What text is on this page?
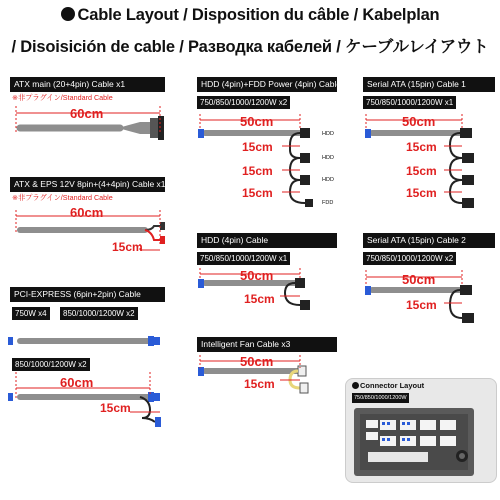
Cable Layout / Disposition du câble / Kabelplan
/ Disoisición de cable / Разводка кабелей / ケーブルレイアウト
ATX main (20+4pin) Cable x1
※非プラグイン/Standard Cable
60cm
ATX & EPS 12V 8pin+(4+4pin) Cable x1
※非プラグイン/Standard Cable
60cm
15cm
PCI-EXPRESS (6pin+2pin) Cable
750W x4	850/1000/1200W x2
850/1000/1200W x2
60cm
15cm
HDD (4pin)+FDD Power (4pin) Cable
750/850/1000/1200W x2
50cm
15cm
15cm
15cm
HDD
HDD
HDD
FDD
HDD (4pin) Cable
750/850/1000/1200W x1
50cm
15cm
Intelligent Fan Cable x3
50cm
15cm
Serial ATA (15pin) Cable 1
750/850/1000/1200W x1
50cm
15cm
15cm
15cm
Serial ATA (15pin) Cable 2
750/850/1000/1200W x2
50cm
15cm
Connector Layout
750/850/1000/1200W
